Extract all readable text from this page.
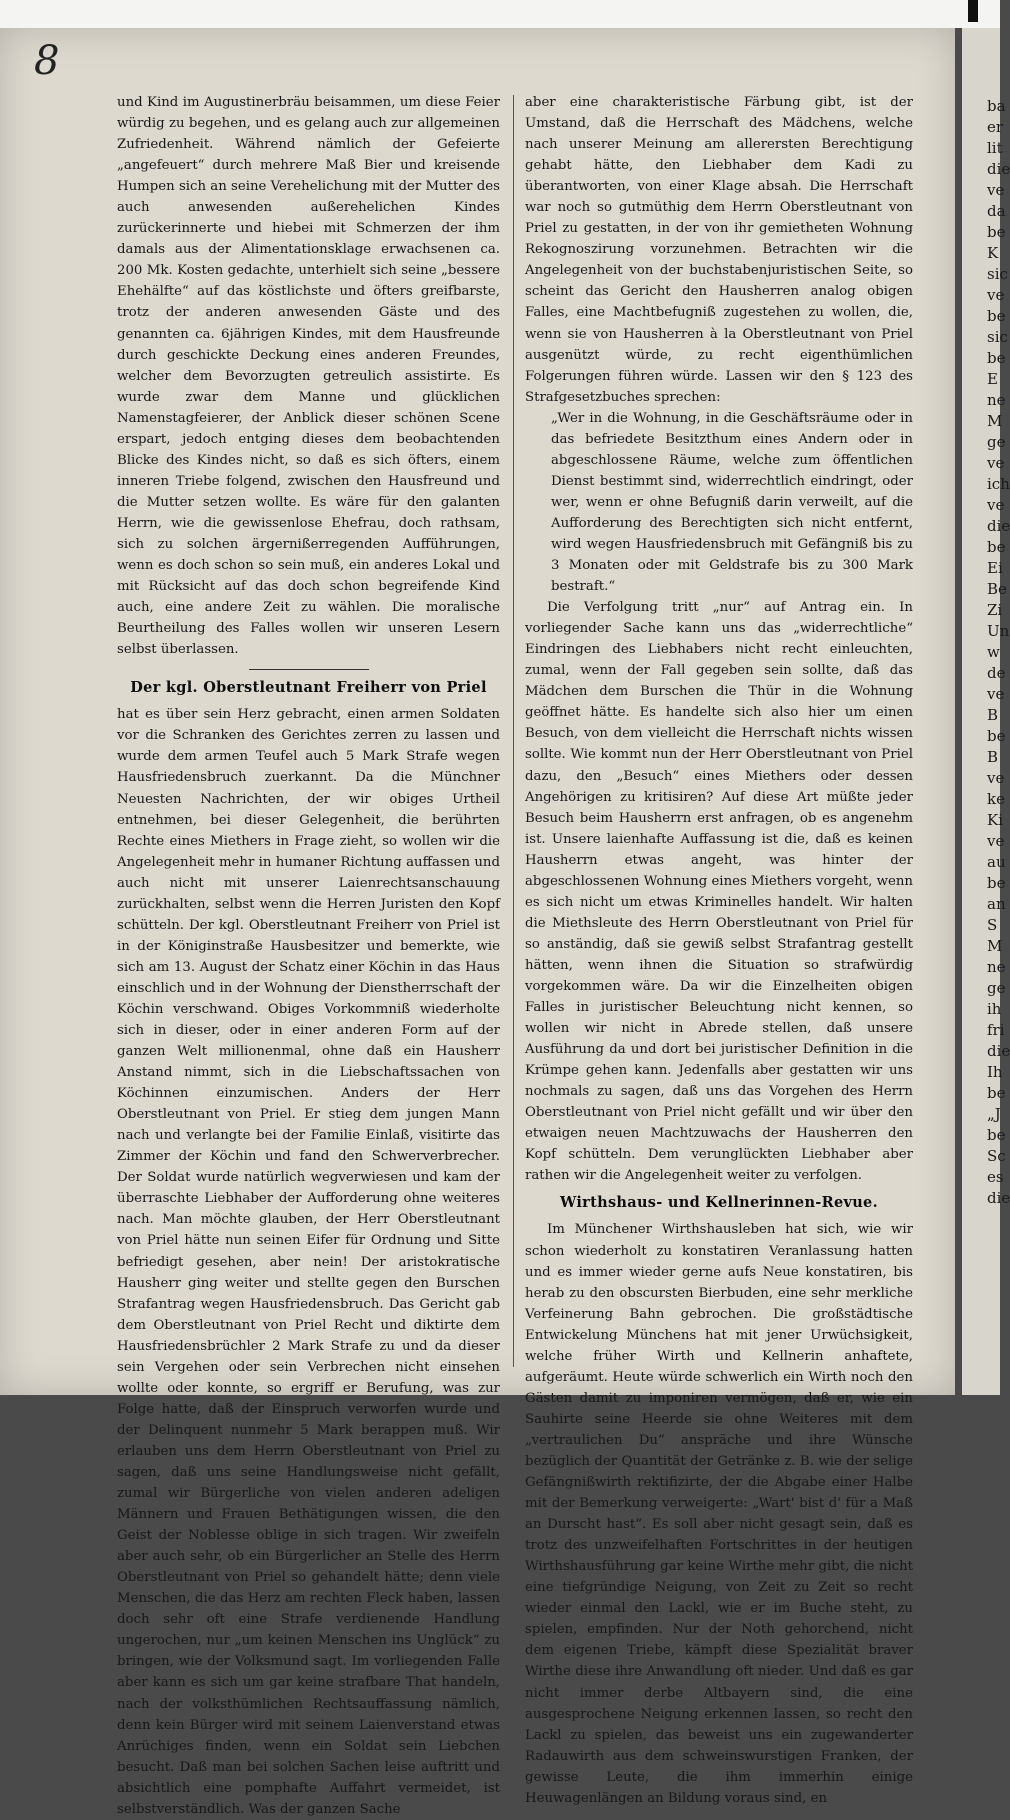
8

und Kind im Augustinerbräu beisammen, um diese Feier würdig zu begehen, und es gelang auch zur allgemeinen Zufriedenheit. Während nämlich der Gefeierte „angefeuert“ durch mehrere Maß Bier und kreisende Humpen sich an seine Verehelichung mit der Mutter des auch anwesenden außerehelichen Kindes zurückerinnerte und hiebei mit Schmerzen der ihm damals aus der Alimentationsklage erwachsenen ca. 200 Mk. Kosten gedachte, unterhielt sich seine „bessere Ehehälfte“ auf das köstlichste und öfters greifbarste, trotz der anderen anwesenden Gäste und des genannten ca. 6jährigen Kindes, mit dem Hausfreunde durch geschickte Deckung eines anderen Freundes, welcher dem Bevorzugten getreulich assistirte. Es wurde zwar dem Manne und glücklichen Namenstagfeierer, der Anblick dieser schönen Scene erspart, jedoch entging dieses dem beobachtenden Blicke des Kindes nicht, so daß es sich öfters, einem inneren Triebe folgend, zwischen den Hausfreund und die Mutter setzen wollte. Es wäre für den galanten Herrn, wie die gewissenlose Ehefrau, doch rathsam, sich zu solchen ärgernißerregenden Aufführungen, wenn es doch schon so sein muß, ein anderes Lokal und mit Rücksicht auf das doch schon begreifende Kind auch, eine andere Zeit zu wählen. Die moralische Beurtheilung des Falles wollen wir unseren Lesern selbst überlassen.

Der kgl. Oberstleutnant Freiherr von Priel

hat es über sein Herz gebracht, einen armen Soldaten vor die Schranken des Gerichtes zerren zu lassen und wurde dem armen Teufel auch 5 Mark Strafe wegen Hausfriedensbruch zuerkannt. Da die Münchner Neuesten Nachrichten, der wir obiges Urtheil entnehmen, bei dieser Gelegenheit, die berührten Rechte eines Miethers in Frage zieht, so wollen wir die Angelegenheit mehr in humaner Richtung auffassen und auch nicht mit unserer Laienrechtsanschauung zurückhalten, selbst wenn die Herren Juristen den Kopf schütteln. Der kgl. Oberstleutnant Freiherr von Priel ist in der Königinstraße Hausbesitzer und bemerkte, wie sich am 13. August der Schatz einer Köchin in das Haus einschlich und in der Wohnung der Dienstherrschaft der Köchin verschwand. Obiges Vorkommniß wiederholte sich in dieser, oder in einer anderen Form auf der ganzen Welt millionenmal, ohne daß ein Hausherr Anstand nimmt, sich in die Liebschaftssachen von Köchinnen einzumischen. Anders der Herr Oberstleutnant von Priel. Er stieg dem jungen Mann nach und verlangte bei der Familie Einlaß, visitirte das Zimmer der Köchin und fand den Schwerverbrecher. Der Soldat wurde natürlich wegverwiesen und kam der überraschte Liebhaber der Aufforderung ohne weiteres nach. Man möchte glauben, der Herr Oberstleutnant von Priel hätte nun seinen Eifer für Ordnung und Sitte befriedigt gesehen, aber nein! Der aristokratische Hausherr ging weiter und stellte gegen den Burschen Strafantrag wegen Hausfriedensbruch. Das Gericht gab dem Oberstleutnant von Priel Recht und diktirte dem Hausfriedensbrüchler 2 Mark Strafe zu und da dieser sein Vergehen oder sein Verbrechen nicht einsehen wollte oder konnte, so ergriff er Berufung, was zur Folge hatte, daß der Einspruch verworfen wurde und der Delinquent nunmehr 5 Mark berappen muß. Wir erlauben uns dem Herrn Oberstleutnant von Priel zu sagen, daß uns seine Handlungsweise nicht gefällt, zumal wir Bürgerliche von vielen anderen adeligen Männern und Frauen Bethätigungen wissen, die den Geist der Noblesse oblige in sich tragen. Wir zweifeln aber auch sehr, ob ein Bürgerlicher an Stelle des Herrn Oberstleutnant von Priel so gehandelt hätte; denn viele Menschen, die das Herz am rechten Fleck haben, lassen doch sehr oft eine Strafe verdienende Handlung ungerochen, nur „um keinen Menschen ins Unglück“ zu bringen, wie der Volksmund sagt. Im vorliegenden Falle aber kann es sich um gar keine strafbare That handeln, nach der volksthümlichen Rechtsauffassung nämlich, denn kein Bürger wird mit seinem Laienverstand etwas Anrüchiges finden, wenn ein Soldat sein Liebchen besucht. Daß man bei solchen Sachen leise auftritt und absichtlich eine pomphafte Auffahrt vermeidet, ist selbstverständlich. Was der ganzen Sache

aber eine charakteristische Färbung gibt, ist der Umstand, daß die Herrschaft des Mädchens, welche nach unserer Meinung am allerersten Berechtigung gehabt hätte, den Liebhaber dem Kadi zu überantworten, von einer Klage absah. Die Herrschaft war noch so gutmüthig dem Herrn Oberstleutnant von Priel zu gestatten, in der von ihr gemietheten Wohnung Rekognoszirung vorzunehmen. Betrachten wir die Angelegenheit von der buchstabenjuristischen Seite, so scheint das Gericht den Hausherren analog obigen Falles, eine Machtbefugniß zugestehen zu wollen, die, wenn sie von Hausherren à la Oberstleutnant von Priel ausgenützt würde, zu recht eigenthümlichen Folgerungen führen würde. Lassen wir den § 123 des Strafgesetzbuches sprechen:

„Wer in die Wohnung, in die Geschäftsräume oder in das befriedete Besitzthum eines Andern oder in abgeschlossene Räume, welche zum öffentlichen Dienst bestimmt sind, widerrechtlich eindringt, oder wer, wenn er ohne Befugniß darin verweilt, auf die Aufforderung des Berechtigten sich nicht entfernt, wird wegen Hausfriedensbruch mit Gefängniß bis zu 3 Monaten oder mit Geldstrafe bis zu 300 Mark bestraft.“

Die Verfolgung tritt „nur“ auf Antrag ein. In vorliegender Sache kann uns das „widerrechtliche“ Eindringen des Liebhabers nicht recht einleuchten, zumal, wenn der Fall gegeben sein sollte, daß das Mädchen dem Burschen die Thür in die Wohnung geöffnet hätte. Es handelte sich also hier um einen Besuch, von dem vielleicht die Herrschaft nichts wissen sollte. Wie kommt nun der Herr Oberstleutnant von Priel dazu, den „Besuch“ eines Miethers oder dessen Angehörigen zu kritisiren? Auf diese Art müßte jeder Besuch beim Hausherrn erst anfragen, ob es angenehm ist. Unsere laienhafte Auffassung ist die, daß es keinen Hausherrn etwas angeht, was hinter der abgeschlossenen Wohnung eines Miethers vorgeht, wenn es sich nicht um etwas Kriminelles handelt. Wir halten die Miethsleute des Herrn Oberstleutnant von Priel für so anständig, daß sie gewiß selbst Strafantrag gestellt hätten, wenn ihnen die Situation so strafwürdig vorgekommen wäre. Da wir die Einzelheiten obigen Falles in juristischer Beleuchtung nicht kennen, so wollen wir nicht in Abrede stellen, daß unsere Ausführung da und dort bei juristischer Definition in die Krümpe gehen kann. Jedenfalls aber gestatten wir uns nochmals zu sagen, daß uns das Vorgehen des Herrn Oberstleutnant von Priel nicht gefällt und wir über den etwaigen neuen Machtzuwachs der Hausherren den Kopf schütteln. Dem verunglückten Liebhaber aber rathen wir die Angelegenheit weiter zu verfolgen.

Wirthshaus- und Kellnerinnen-Revue.

Im Münchener Wirthshausleben hat sich, wie wir schon wiederholt zu konstatiren Veranlassung hatten und es immer wieder gerne aufs Neue konstatiren, bis herab zu den obscursten Bierbuden, eine sehr merkliche Verfeinerung Bahn gebrochen. Die großstädtische Entwickelung Münchens hat mit jener Urwüchsigkeit, welche früher Wirth und Kellnerin anhaftete, aufgeräumt. Heute würde schwerlich ein Wirth noch den Gästen damit zu imponiren vermögen, daß er, wie ein Sauhirte seine Heerde sie ohne Weiteres mit dem „vertraulichen Du“ anspräche und ihre Wünsche bezüglich der Quantität der Getränke z. B. wie der selige Gefängnißwirth rektifizirte, der die Abgabe einer Halbe mit der Bemerkung verweigerte: „Wart' bist d' für a Maß an Durscht hast“. Es soll aber nicht gesagt sein, daß es trotz des unzweifelhaften Fortschrittes in der heutigen Wirthshausführung gar keine Wirthe mehr gibt, die nicht eine tiefgründige Neigung, von Zeit zu Zeit so recht wieder einmal den Lackl, wie er im Buche steht, zu spielen, empfinden. Nur der Noth gehorchend, nicht dem eigenen Triebe, kämpft diese Spezialität braver Wirthe diese ihre Anwandlung oft nieder. Und daß es gar nicht immer derbe Altbayern sind, die eine ausgesprochene Neigung erkennen lassen, so recht den Lackl zu spielen, das beweist uns ein zugewanderter Radauwirth aus dem schweinswurstigen Franken, der gewisse Leute, die ihm immerhin einige Heuwagenlängen an Bildung voraus sind, en

ba
er
lit
die
ve
da
be
K
sic
ve
be
sic
be
E
ne
M
ge
ve
ich
ve
die
be
Ei
Be
Zi
Un
w
de
ve
B
be
B
ve
ke
Ki
ve
au
be
an
S
M
ne
ge
ih
fri
die
Ih
be
„J
be
Sc
es
die
